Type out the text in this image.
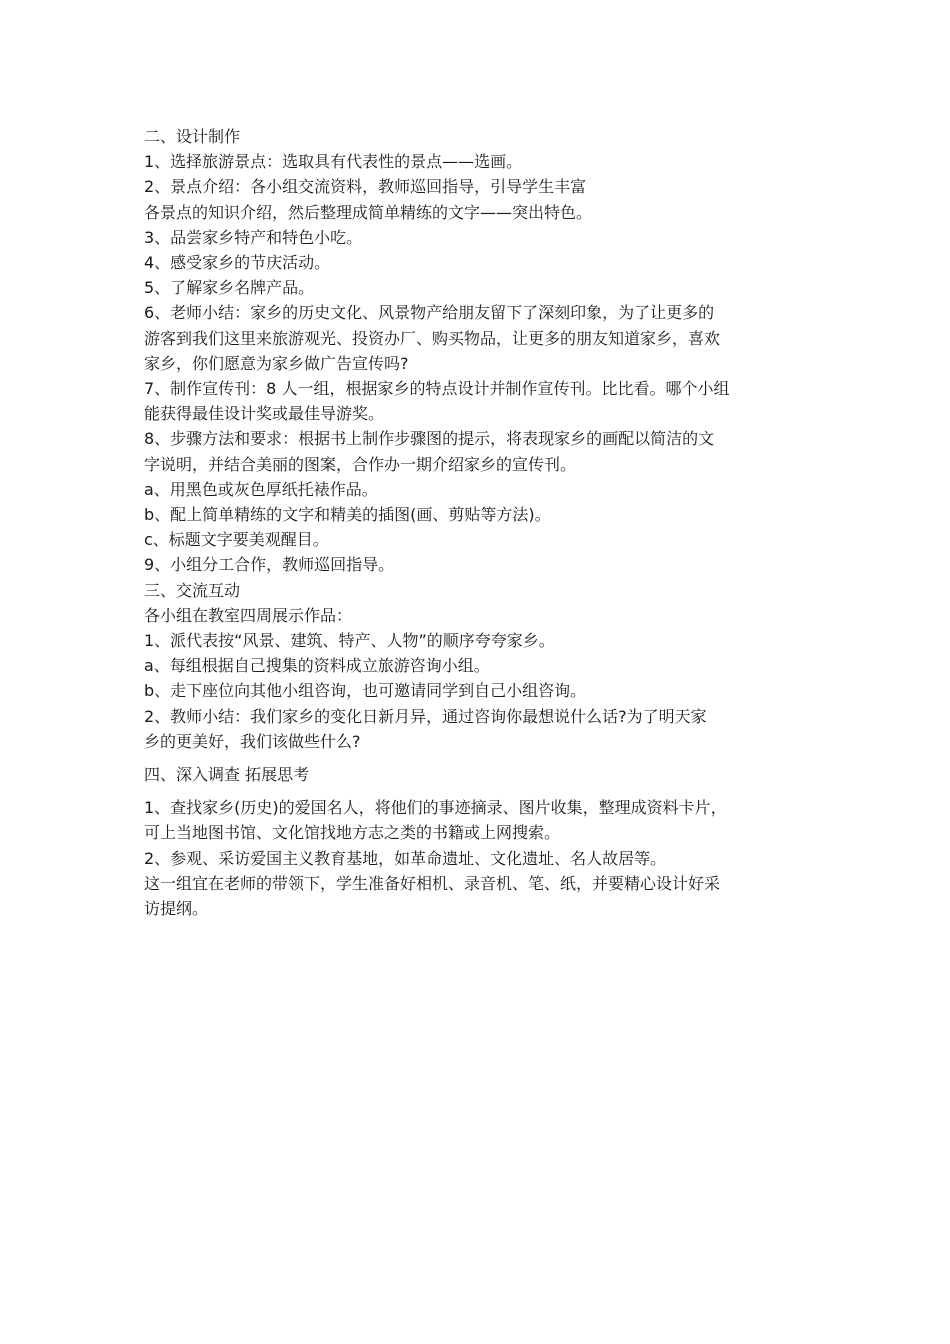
二、设计制作

1、选择旅游景点：选取具有代表性的景点——选画。

2、景点介绍：各小组交流资料，教师巡回指导，引导学生丰富

各景点的知识介绍，然后整理成简单精练的文字——突出特色。

3、品尝家乡特产和特色小吃。

4、感受家乡的节庆活动。

5、了解家乡名牌产品。

6、老师小结：家乡的历史文化、风景物产给朋友留下了深刻印象，为了让更多的

游客到我们这里来旅游观光、投资办厂、购买物品，让更多的朋友知道家乡，喜欢

家乡，你们愿意为家乡做广告宣传吗?

7、制作宣传刊：8 人一组，根据家乡的特点设计并制作宣传刊。比比看。哪个小组

能获得最佳设计奖或最佳导游奖。

8、步骤方法和要求：根据书上制作步骤图的提示，将表现家乡的画配以简洁的文

字说明，并结合美丽的图案，合作办一期介绍家乡的宣传刊。

a、用黑色或灰色厚纸托裱作品。

b、配上简单精练的文字和精美的插图(画、剪贴等方法)。

c、标题文字要美观醒目。

9、小组分工合作，教师巡回指导。

三、交流互动

各小组在教室四周展示作品：

1、派代表按“风景、建筑、特产、人物”的顺序夸夸家乡。

a、每组根据自己搜集的资料成立旅游咨询小组。

b、走下座位向其他小组咨询，也可邀请同学到自己小组咨询。

2、教师小结：我们家乡的变化日新月异，通过咨询你最想说什么话?为了明天家

乡的更美好，我们该做些什么?

四、深入调查 拓展思考

1、查找家乡(历史)的爱国名人，将他们的事迹摘录、图片收集，整理成资料卡片，

可上当地图书馆、文化馆找地方志之类的书籍或上网搜索。

2、参观、采访爱国主义教育基地，如革命遗址、文化遗址、名人故居等。

这一组宜在老师的带领下，学生准备好相机、录音机、笔、纸，并要精心设计好采

访提纲。
